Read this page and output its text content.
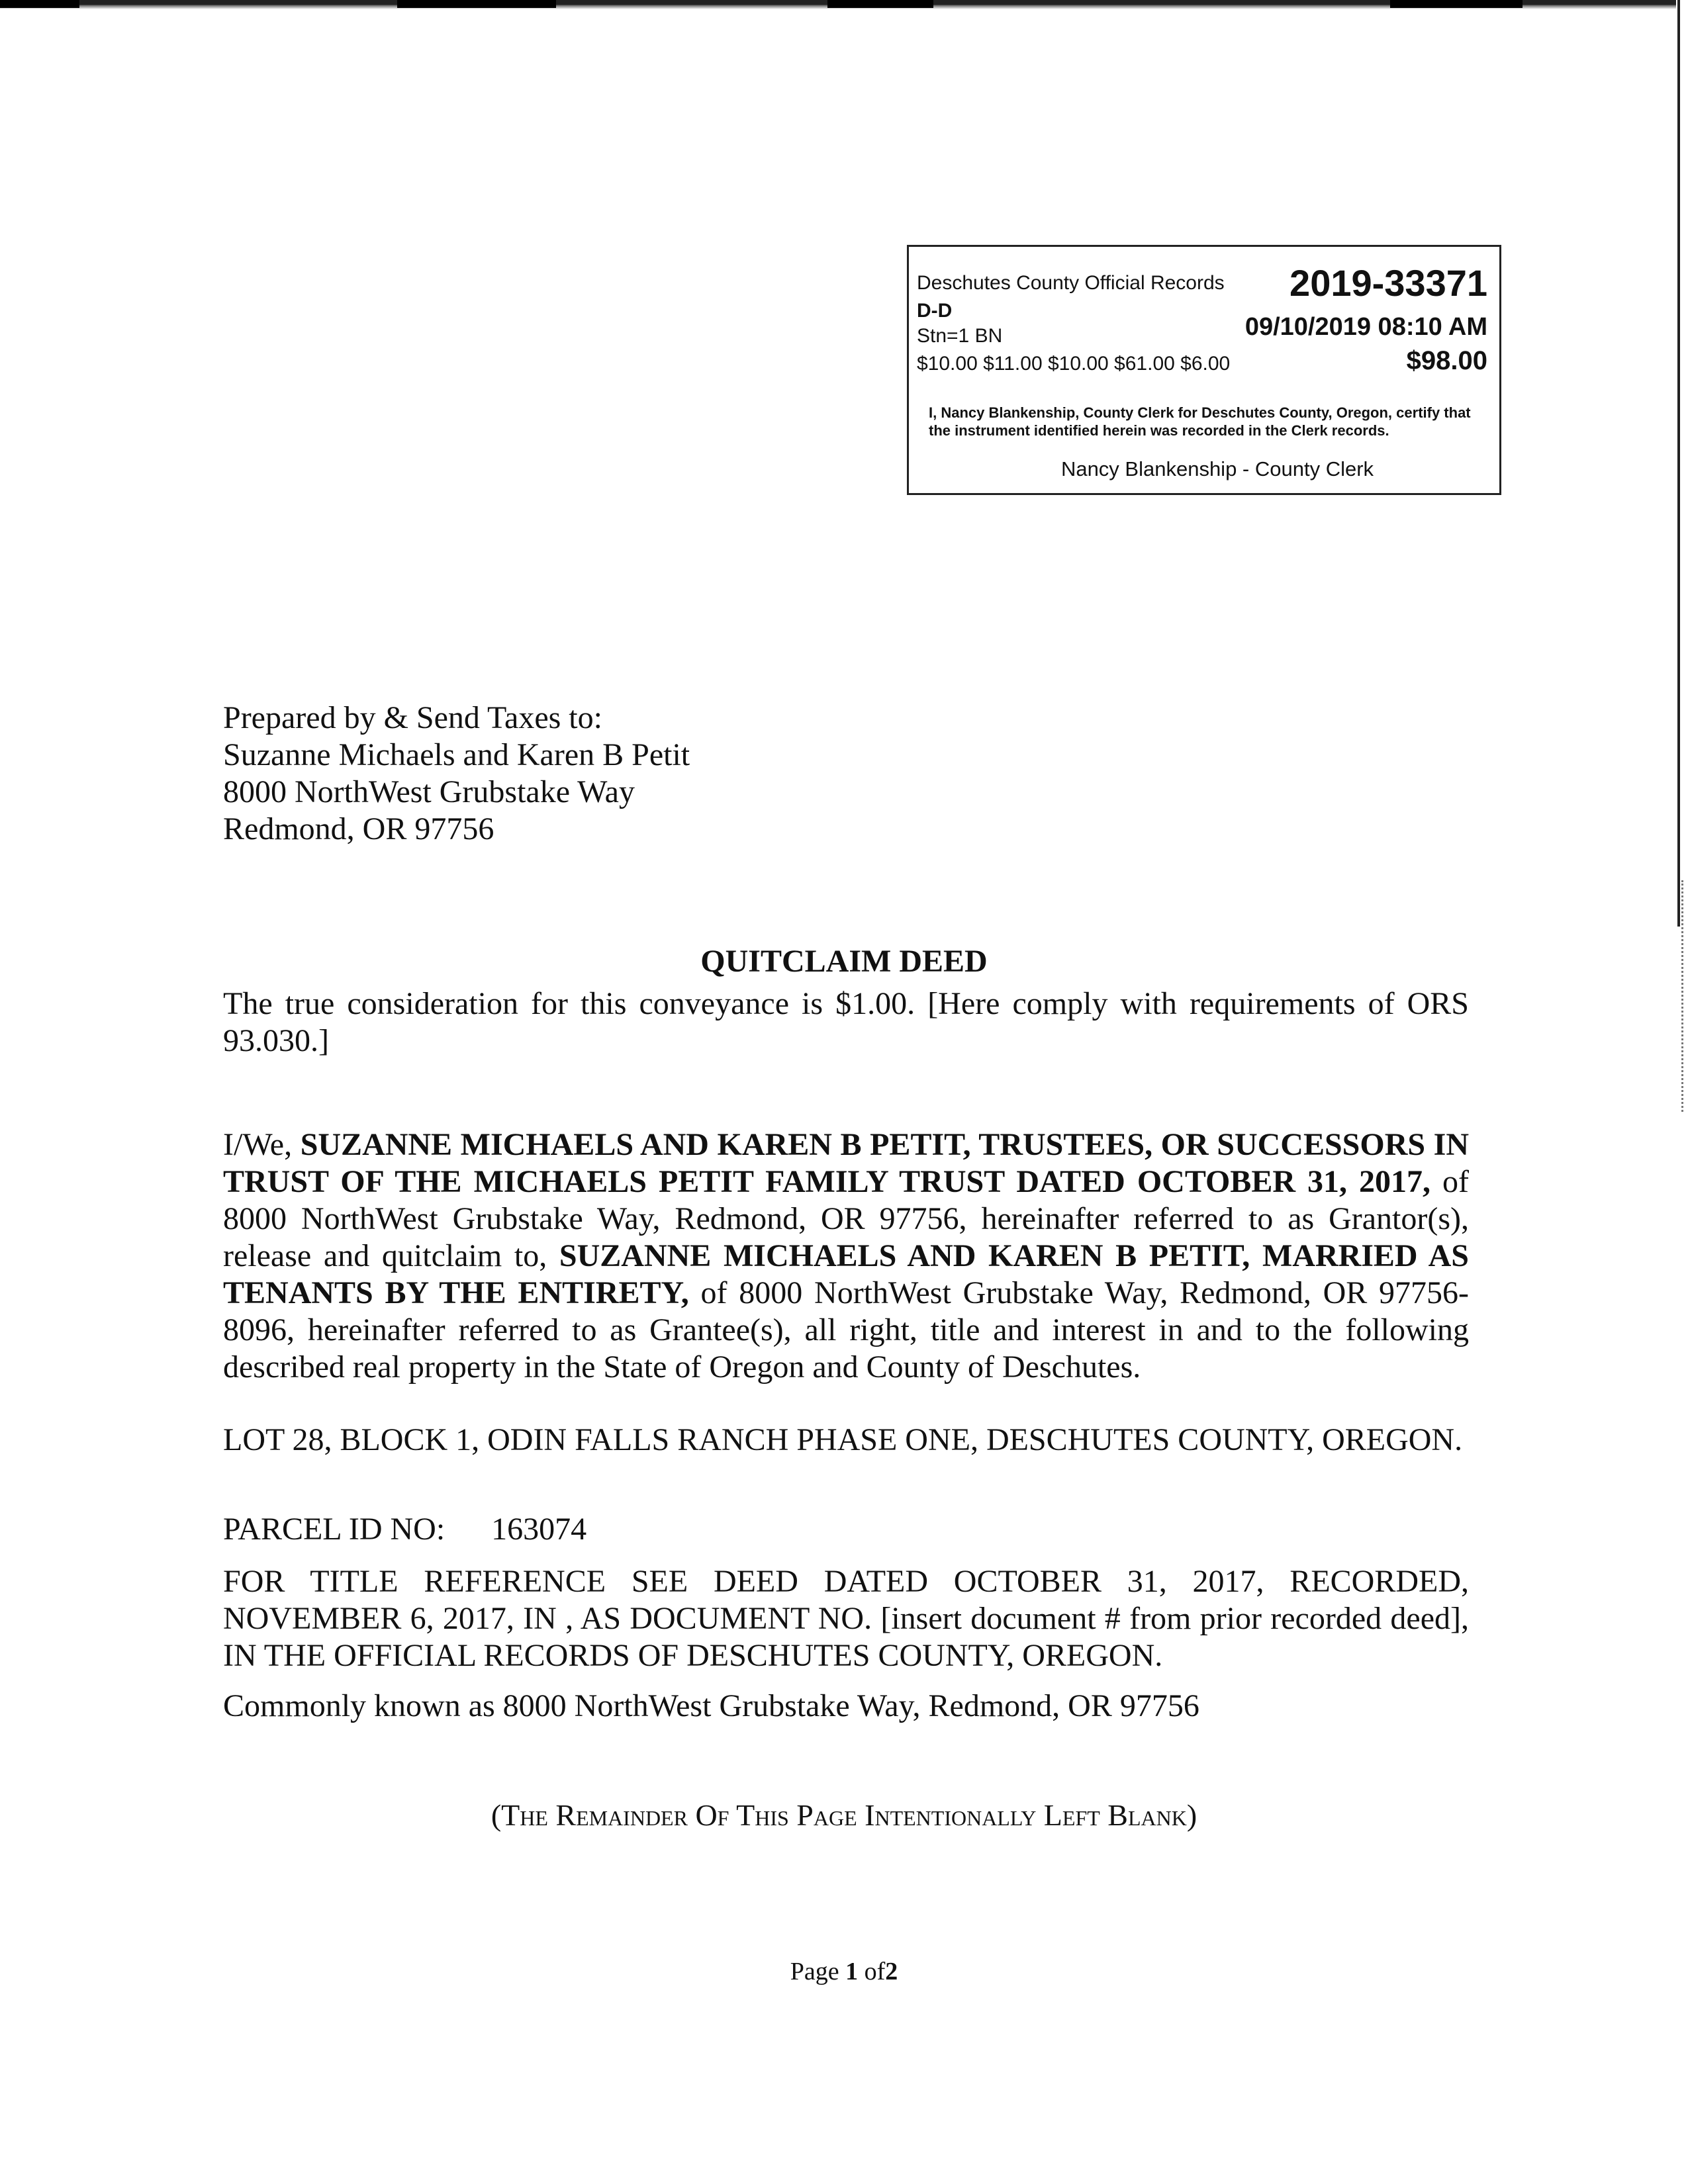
Deschutes County Official Records 2019-33371
D-D
Stn=1 BN	09/10/2019 08:10 AM
$10.00 $11.00 $10.00 $61.00 $6.00	$98.00
I, Nancy Blankenship, County Clerk for Deschutes County, Oregon, certify that the instrument identified herein was recorded in the Clerk records.
Nancy Blankenship - County Clerk
Prepared by & Send Taxes to:
Suzanne Michaels and Karen B Petit
8000 NorthWest Grubstake Way
Redmond, OR 97756
QUITCLAIM DEED
The true consideration for this conveyance is $1.00. [Here comply with requirements of ORS 93.030.]
I/We, SUZANNE MICHAELS AND KAREN B PETIT, TRUSTEES, OR SUCCESSORS IN TRUST OF THE MICHAELS PETIT FAMILY TRUST DATED OCTOBER 31, 2017, of 8000 NorthWest Grubstake Way, Redmond, OR 97756, hereinafter referred to as Grantor(s), release and quitclaim to, SUZANNE MICHAELS AND KAREN B PETIT, MARRIED AS TENANTS BY THE ENTIRETY, of 8000 NorthWest Grubstake Way, Redmond, OR 97756-8096, hereinafter referred to as Grantee(s), all right, title and interest in and to the following described real property in the State of Oregon and County of Deschutes.
LOT 28, BLOCK 1, ODIN FALLS RANCH PHASE ONE, DESCHUTES COUNTY, OREGON.
PARCEL ID NO: 163074
FOR TITLE REFERENCE SEE DEED DATED OCTOBER 31, 2017, RECORDED, NOVEMBER 6, 2017, IN , AS DOCUMENT NO. [insert document # from prior recorded deed], IN THE OFFICIAL RECORDS OF DESCHUTES COUNTY, OREGON.
Commonly known as 8000 NorthWest Grubstake Way, Redmond, OR 97756
(The Remainder Of This Page Intentionally Left Blank)
Page 1 of2
